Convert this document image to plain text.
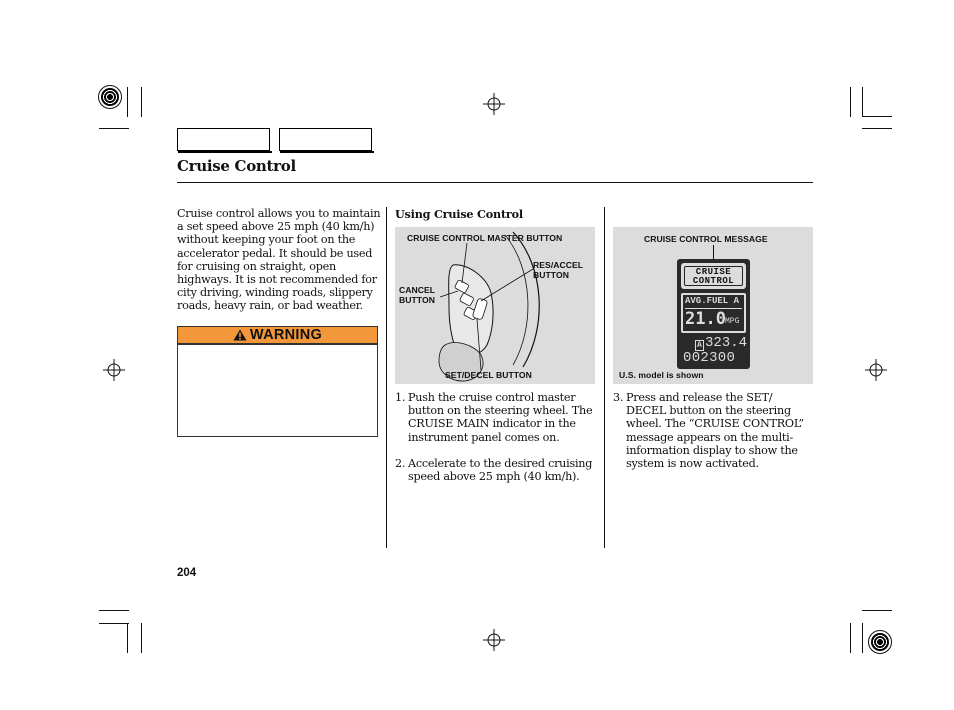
Cruise Control
Cruise control allows you to maintain
a set speed above 25 mph (40 km/h)
without keeping your foot on the
accelerator pedal. It should be used
for cruising on straight, open
highways. It is not recommended for
city driving, winding roads, slippery
roads, heavy rain, or bad weather.
WARNING
Using Cruise Control
CRUISE CONTROL MASTER BUTTON
RES/ACCEL
BUTTON
CANCEL
BUTTON
SET/DECEL BUTTON
1. Push the cruise control master
button on the steering wheel. The
CRUISE MAIN indicator in the
instrument panel comes on.
2. Accelerate to the desired cruising
speed above 25 mph (40 km/h).
CRUISE CONTROL MESSAGE
U.S. model is shown
CRUISE
CONTROL
AVG.FUEL A
21.0 MPG
A 323.4
002300
3. Press and release the SET/
DECEL button on the steering
wheel. The “CRUISE CONTROL”
message appears on the multi-
information display to show the
system is now activated.
204
